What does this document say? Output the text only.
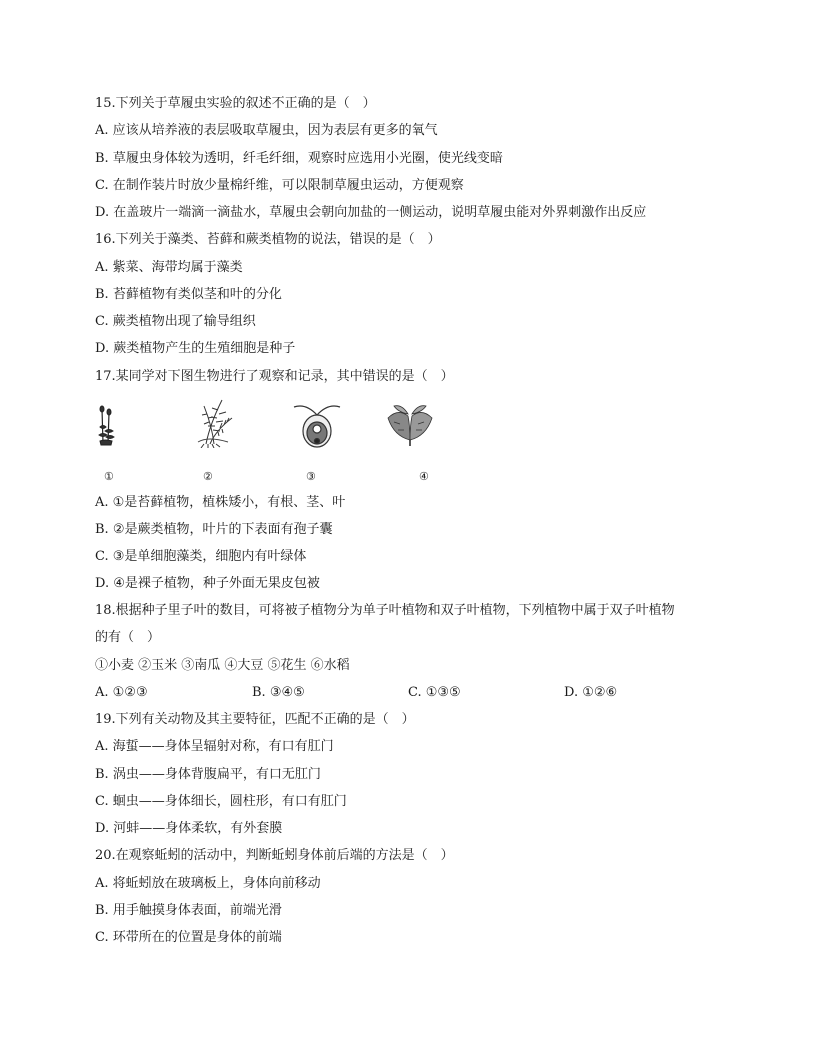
15.下列关于草履虫实验的叙述不正确的是（　）
A. 应该从培养液的表层吸取草履虫，因为表层有更多的氧气
B. 草履虫身体较为透明，纤毛纤细，观察时应选用小光圈，使光线变暗
C. 在制作装片时放少量棉纤维，可以限制草履虫运动，方便观察
D. 在盖玻片一端滴一滴盐水，草履虫会朝向加盐的一侧运动，说明草履虫能对外界刺激作出反应
16.下列关于藻类、苔藓和蕨类植物的说法，错误的是（　）
A. 紫菜、海带均属于藻类
B. 苔藓植物有类似茎和叶的分化
C. 蕨类植物出现了输导组织
D. 蕨类植物产生的生殖细胞是种子
17.某同学对下图生物进行了观察和记录，其中错误的是（　）
①	②	③	④
A. ①是苔藓植物，植株矮小，有根、茎、叶
B. ②是蕨类植物，叶片的下表面有孢子囊
C. ③是单细胞藻类，细胞内有叶绿体
D. ④是裸子植物，种子外面无果皮包被
18.根据种子里子叶的数目，可将被子植物分为单子叶植物和双子叶植物，下列植物中属于双子叶植物
的有（　）
①小麦 ②玉米 ③南瓜 ④大豆 ⑤花生 ⑥水稻
A. ①②③	B. ③④⑤	C. ①③⑤	D. ①②⑥
19.下列有关动物及其主要特征，匹配不正确的是（　）
A. 海蜇——身体呈辐射对称，有口有肛门
B. 涡虫——身体背腹扁平，有口无肛门
C. 蛔虫——身体细长，圆柱形，有口有肛门
D. 河蚌——身体柔软，有外套膜
20.在观察蚯蚓的活动中，判断蚯蚓身体前后端的方法是（　）
A. 将蚯蚓放在玻璃板上，身体向前移动
B. 用手触摸身体表面，前端光滑
C. 环带所在的位置是身体的前端
